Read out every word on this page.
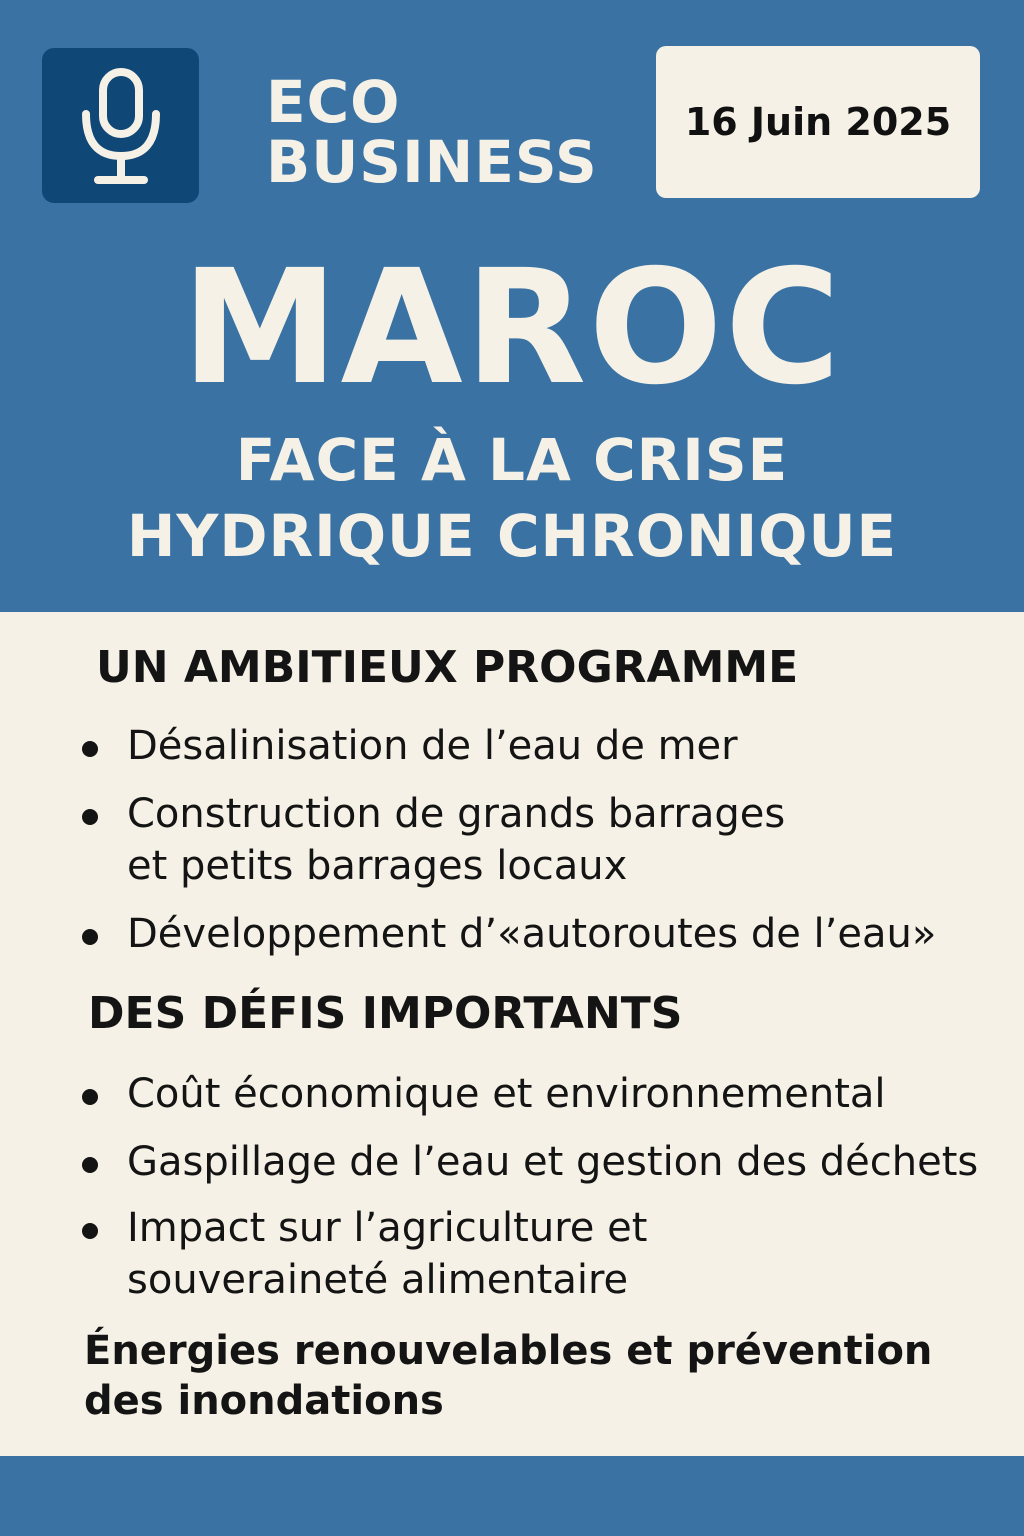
ECO
BUSINESS
16 Juin 2025
MAROC
FACE À LA CRISE
HYDRIQUE CHRONIQUE
UN AMBITIEUX PROGRAMME
Désalinisation de l’eau de mer
Construction de grands barrages
et petits barrages locaux
Développement d’«autoroutes de l’eau»
DES DÉFIS IMPORTANTS
Coût économique et environnemental
Gaspillage de l’eau et gestion des déchets
Impact sur l’agriculture et
souveraineté alimentaire
Énergies renouvelables et prévention
des inondations
